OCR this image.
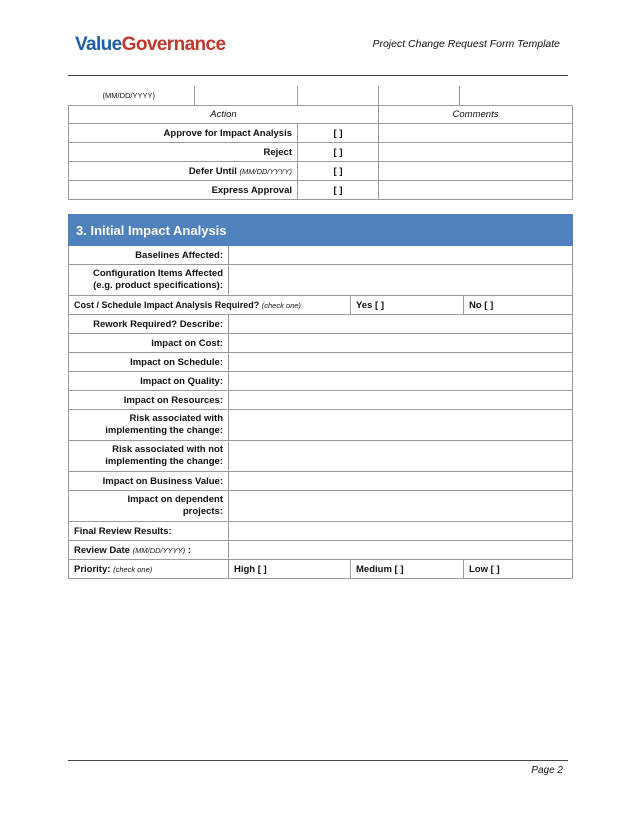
ValueGovernance	Project Change Request Form Template
(MM/DD/YYYY)			

Action			Comments
Approve for Impact Analysis		[ ]	
Reject		[ ]	
Defer Until (MM/DD/YYYY)		[ ]	
Express Approval		[ ]	
3. Initial Impact Analysis			
Baselines Affected:			
Configuration Items Affected
(e.g. product specifications):			
Cost / Schedule Impact Analysis Required? (check one)		Yes [ ]	No [ ]
Rework Required? Describe:			
Impact on Cost:			
Impact on Schedule:			
Impact on Quality:			
Impact on Resources:			
Risk associated with
implementing the change:			
Risk associated with not
implementing the change:			
Impact on Business Value:			
Impact on dependent
projects:			
Final Review Results:			
Review Date (MM/DD/YYYY) :			
Priority: (check one)	High [ ]	Medium [ ]	Low [ ]
Page 2
